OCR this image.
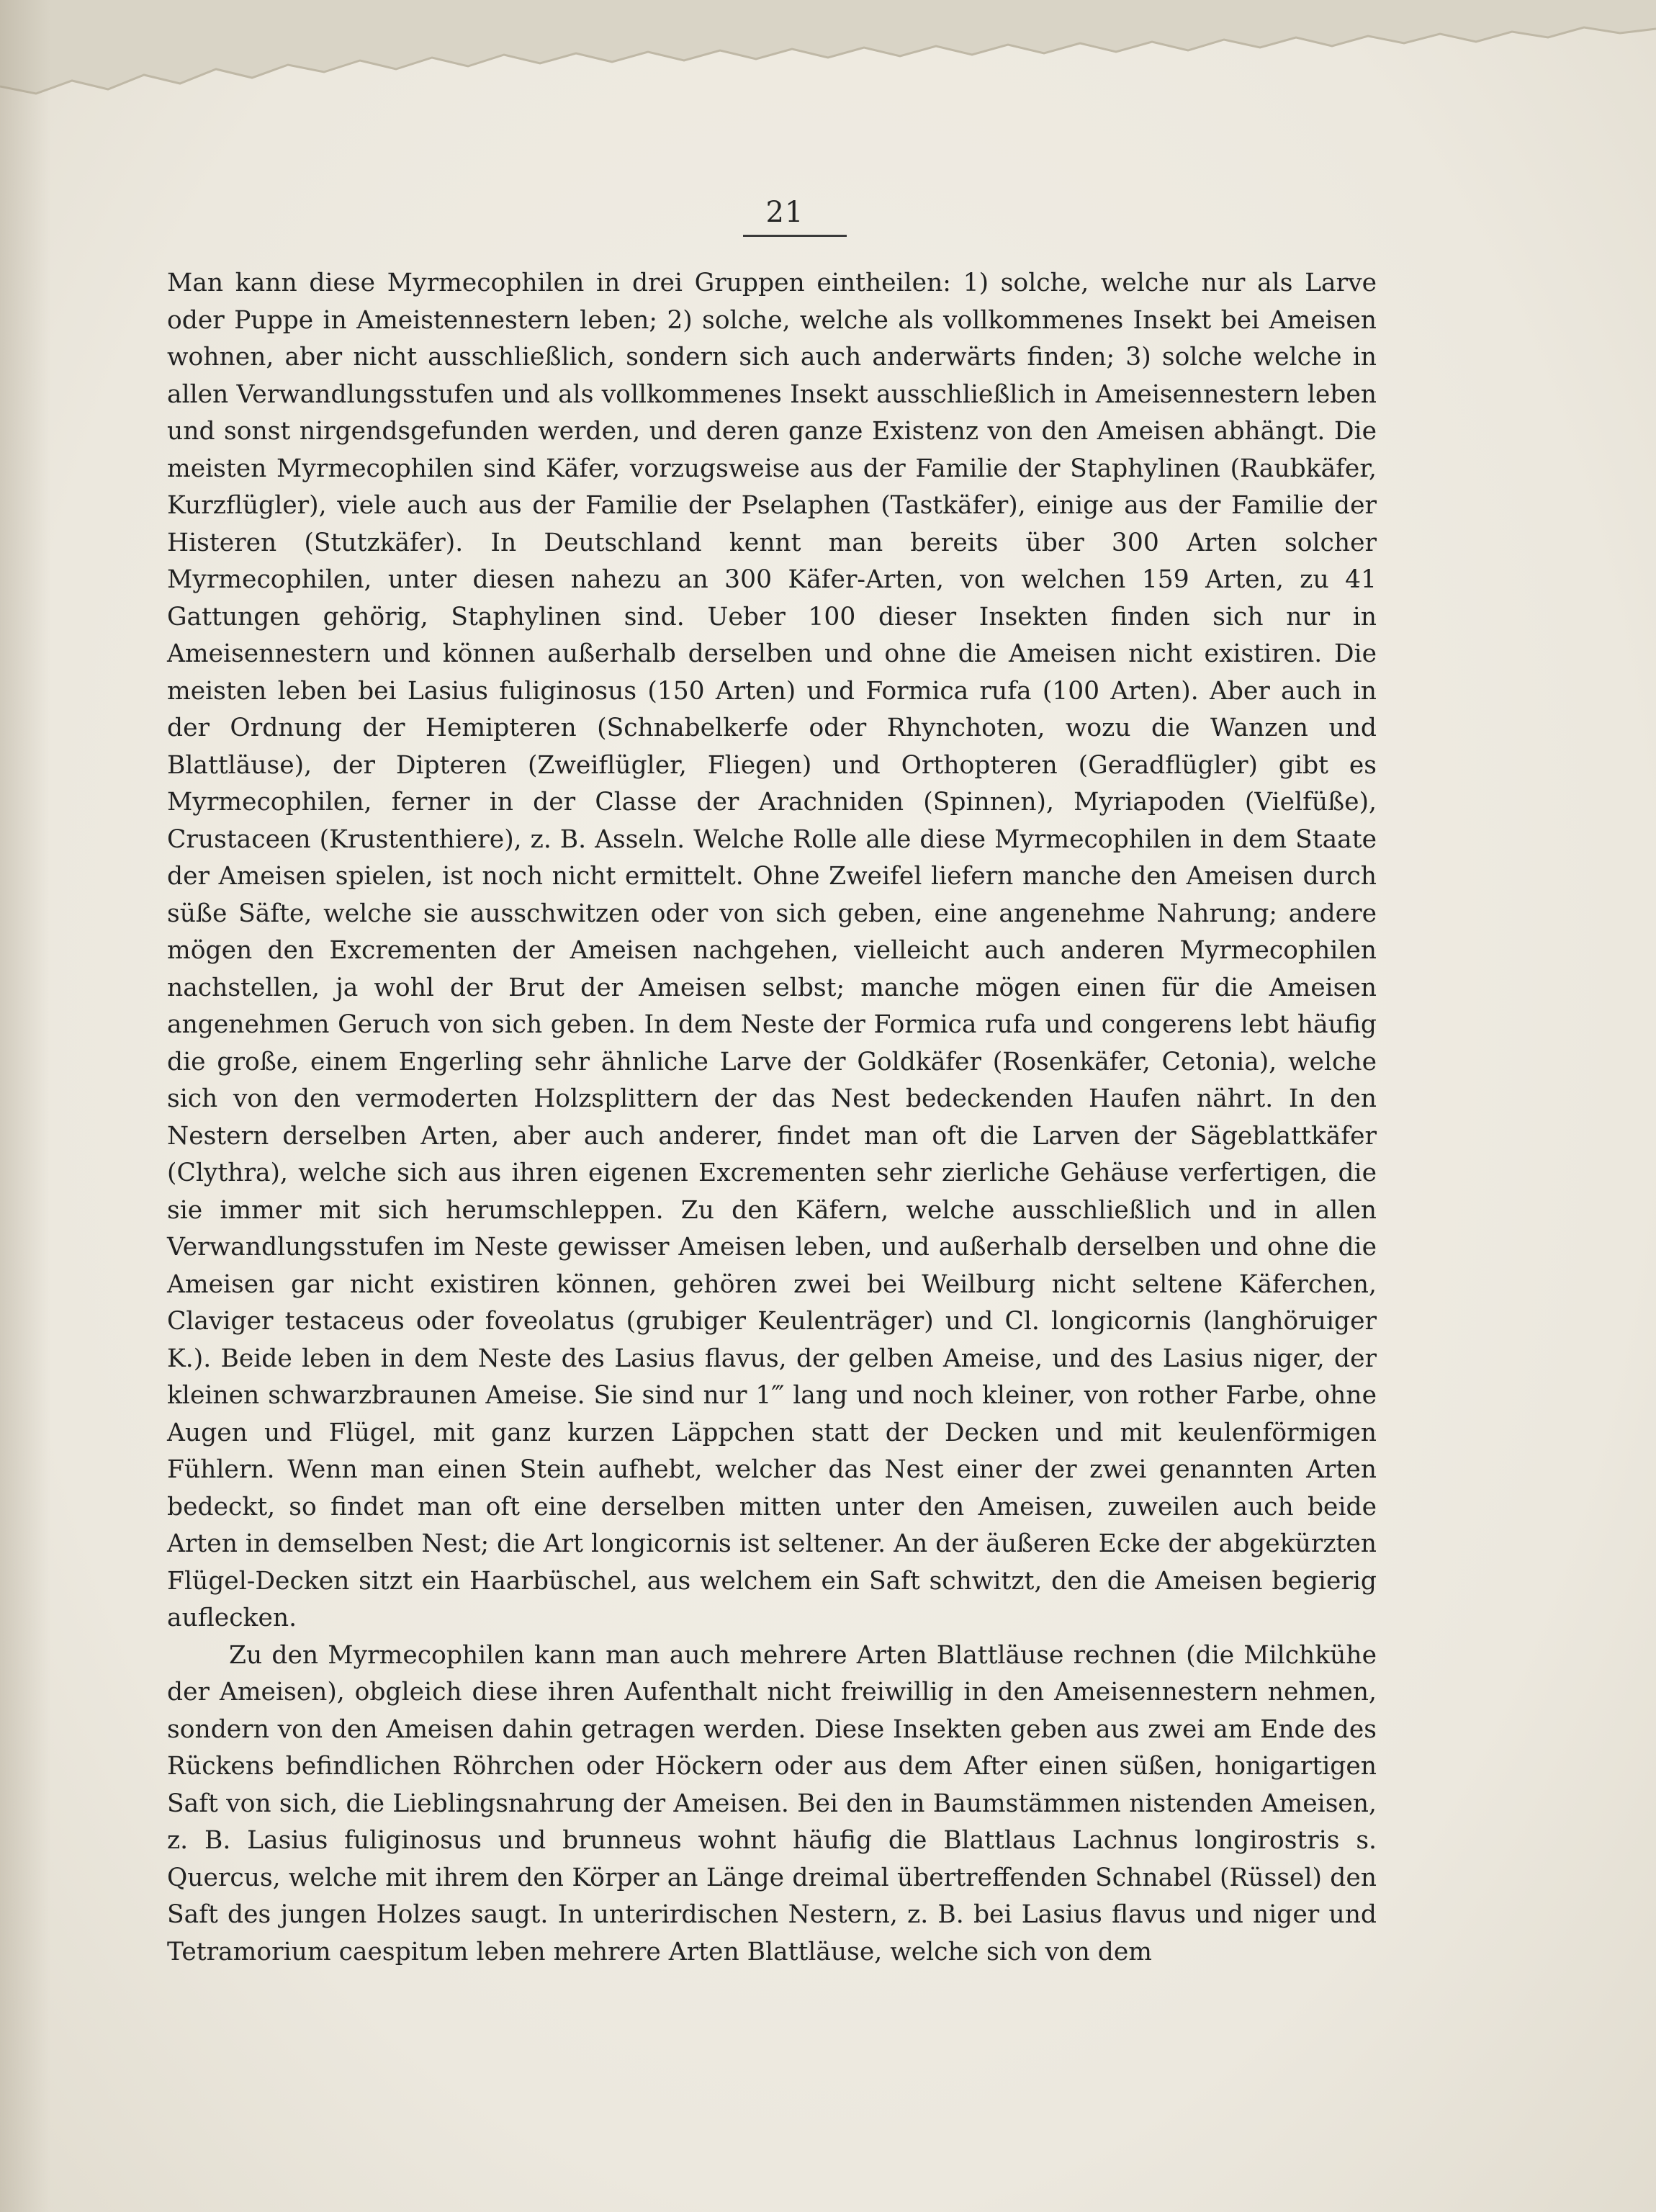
21

Man kann diese Myrmecophilen in drei Gruppen eintheilen: 1) solche, welche nur als Larve oder Puppe in Ameistennestern leben; 2) solche, welche als vollkommenes Insekt bei Ameisen wohnen, aber nicht ausschließlich, sondern sich auch anderwärts finden; 3) solche welche in allen Verwandlungsstufen und als vollkommenes Insekt ausschließlich in Ameisennestern leben und sonst nirgendsgefunden werden, und deren ganze Existenz von den Ameisen abhängt. Die meisten Myrmecophilen sind Käfer, vorzugsweise aus der Familie der Staphylinen (Raubkäfer, Kurzflügler), viele auch aus der Familie der Pselaphen (Tastkäfer), einige aus der Familie der Histeren (Stutzkäfer). In Deutschland kennt man bereits über 300 Arten solcher Myrmecophilen, unter diesen nahezu an 300 Käfer-Arten, von welchen 159 Arten, zu 41 Gattungen gehörig, Staphylinen sind. Ueber 100 dieser Insekten finden sich nur in Ameisennestern und können außerhalb derselben und ohne die Ameisen nicht existiren. Die meisten leben bei Lasius fuliginosus (150 Arten) und Formica rufa (100 Arten). Aber auch in der Ordnung der Hemipteren (Schnabelkerfe oder Rhynchoten, wozu die Wanzen und Blattläuse), der Dipteren (Zweiflügler, Fliegen) und Orthopteren (Geradflügler) gibt es Myrmecophilen, ferner in der Classe der Arachniden (Spinnen), Myriapoden (Vielfüße), Crustaceen (Krustenthiere), z. B. Asseln. Welche Rolle alle diese Myrmecophilen in dem Staate der Ameisen spielen, ist noch nicht ermittelt. Ohne Zweifel liefern manche den Ameisen durch süße Säfte, welche sie ausschwitzen oder von sich geben, eine angenehme Nahrung; andere mögen den Excrementen der Ameisen nachgehen, vielleicht auch anderen Myrmecophilen nachstellen, ja wohl der Brut der Ameisen selbst; manche mögen einen für die Ameisen angenehmen Geruch von sich geben. In dem Neste der Formica rufa und congerens lebt häufig die große, einem Engerling sehr ähnliche Larve der Goldkäfer (Rosenkäfer, Cetonia), welche sich von den vermoderten Holzsplittern der das Nest bedeckenden Haufen nährt. In den Nestern derselben Arten, aber auch anderer, findet man oft die Larven der Sägeblattkäfer (Clythra), welche sich aus ihren eigenen Excrementen sehr zierliche Gehäuse verfertigen, die sie immer mit sich herumschleppen. Zu den Käfern, welche ausschließlich und in allen Verwandlungsstufen im Neste gewisser Ameisen leben, und außerhalb derselben und ohne die Ameisen gar nicht existiren können, gehören zwei bei Weilburg nicht seltene Käferchen, Claviger testaceus oder foveolatus (grubiger Keulenträger) und Cl. longicornis (langhöruiger K.). Beide leben in dem Neste des Lasius flavus, der gelben Ameise, und des Lasius niger, der kleinen schwarzbraunen Ameise. Sie sind nur 1‴ lang und noch kleiner, von rother Farbe, ohne Augen und Flügel, mit ganz kurzen Läppchen statt der Decken und mit keulenförmigen Fühlern. Wenn man einen Stein aufhebt, welcher das Nest einer der zwei genannten Arten bedeckt, so findet man oft eine derselben mitten unter den Ameisen, zuweilen auch beide Arten in demselben Nest; die Art longicornis ist seltener. An der äußeren Ecke der abgekürzten Flügel-Decken sitzt ein Haarbüschel, aus welchem ein Saft schwitzt, den die Ameisen begierig auflecken.

Zu den Myrmecophilen kann man auch mehrere Arten Blattläuse rechnen (die Milchkühe der Ameisen), obgleich diese ihren Aufenthalt nicht freiwillig in den Ameisennestern nehmen, sondern von den Ameisen dahin getragen werden. Diese Insekten geben aus zwei am Ende des Rückens befindlichen Röhrchen oder Höckern oder aus dem After einen süßen, honigartigen Saft von sich, die Lieblingsnahrung der Ameisen. Bei den in Baumstämmen nistenden Ameisen, z. B. Lasius fuliginosus und brunneus wohnt häufig die Blattlaus Lachnus longirostris s. Quercus, welche mit ihrem den Körper an Länge dreimal übertreffenden Schnabel (Rüssel) den Saft des jungen Holzes saugt. In unterirdischen Nestern, z. B. bei Lasius flavus und niger und Tetramorium caespitum leben mehrere Arten Blattläuse, welche sich von dem
